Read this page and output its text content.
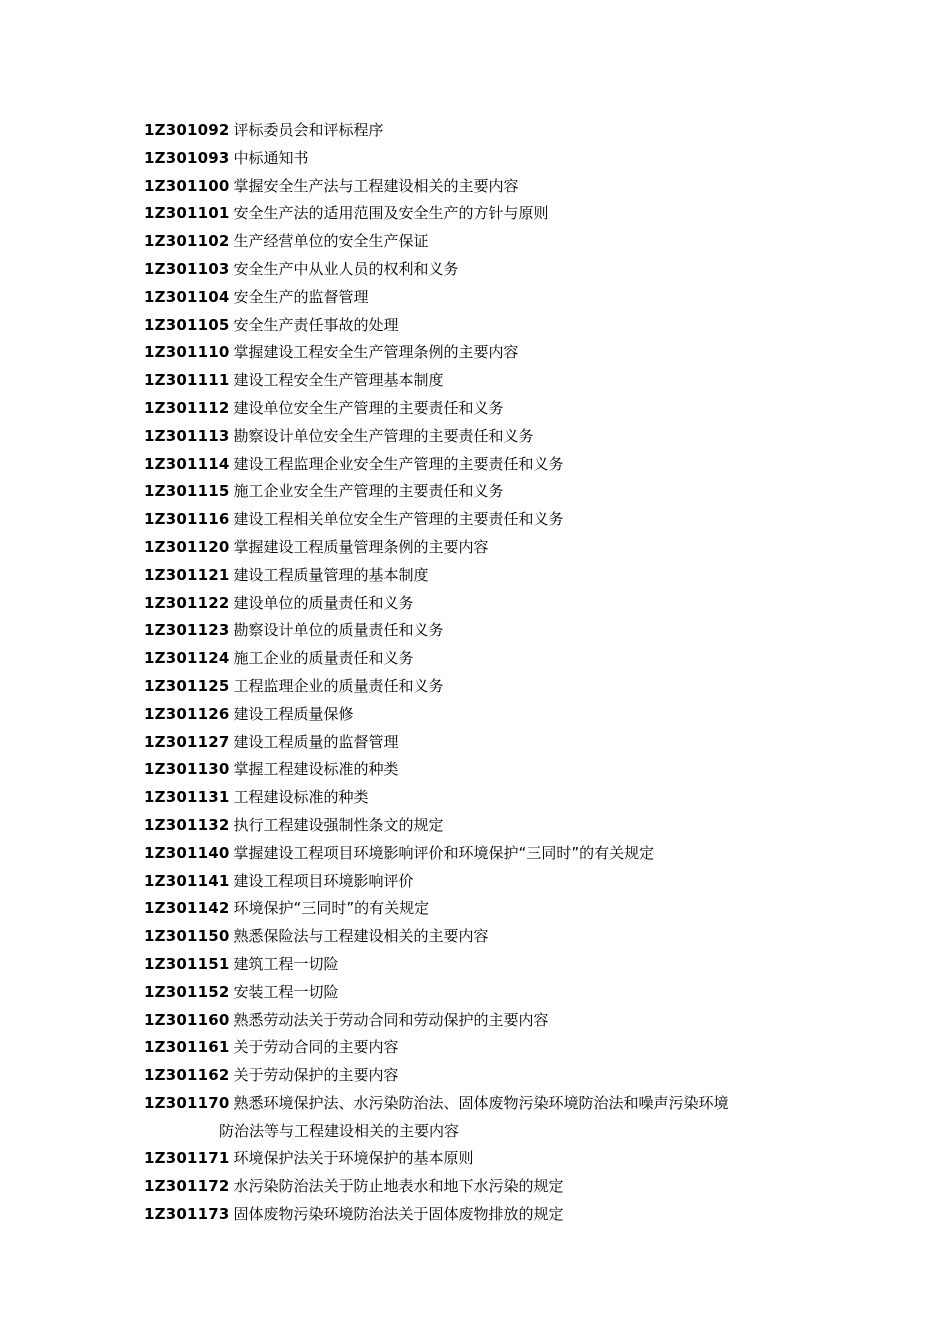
1Z301092 评标委员会和评标程序
1Z301093 中标通知书
1Z301100 掌握安全生产法与工程建设相关的主要内容
1Z301101 安全生产法的适用范围及安全生产的方针与原则
1Z301102 生产经营单位的安全生产保证
1Z301103 安全生产中从业人员的权利和义务
1Z301104 安全生产的监督管理
1Z301105 安全生产责任事故的处理
1Z301110 掌握建设工程安全生产管理条例的主要内容
1Z301111 建设工程安全生产管理基本制度
1Z301112 建设单位安全生产管理的主要责任和义务
1Z301113 勘察设计单位安全生产管理的主要责任和义务
1Z301114 建设工程监理企业安全生产管理的主要责任和义务
1Z301115 施工企业安全生产管理的主要责任和义务
1Z301116 建设工程相关单位安全生产管理的主要责任和义务
1Z301120 掌握建设工程质量管理条例的主要内容
1Z301121 建设工程质量管理的基本制度
1Z301122 建设单位的质量责任和义务
1Z301123 勘察设计单位的质量责任和义务
1Z301124 施工企业的质量责任和义务
1Z301125 工程监理企业的质量责任和义务
1Z301126 建设工程质量保修
1Z301127 建设工程质量的监督管理
1Z301130 掌握工程建设标准的种类
1Z301131 工程建设标准的种类
1Z301132 执行工程建设强制性条文的规定
1Z301140 掌握建设工程项目环境影响评价和环境保护“三同时”的有关规定
1Z301141 建设工程项目环境影响评价
1Z301142 环境保护“三同时”的有关规定
1Z301150 熟悉保险法与工程建设相关的主要内容
1Z301151 建筑工程一切险
1Z301152 安装工程一切险
1Z301160 熟悉劳动法关于劳动合同和劳动保护的主要内容
1Z301161 关于劳动合同的主要内容
1Z301162 关于劳动保护的主要内容
1Z301170 熟悉环境保护法、水污染防治法、固体废物污染环境防治法和噪声污染环境
防治法等与工程建设相关的主要内容
1Z301171 环境保护法关于环境保护的基本原则
1Z301172 水污染防治法关于防止地表水和地下水污染的规定
1Z301173 固体废物污染环境防治法关于固体废物排放的规定
